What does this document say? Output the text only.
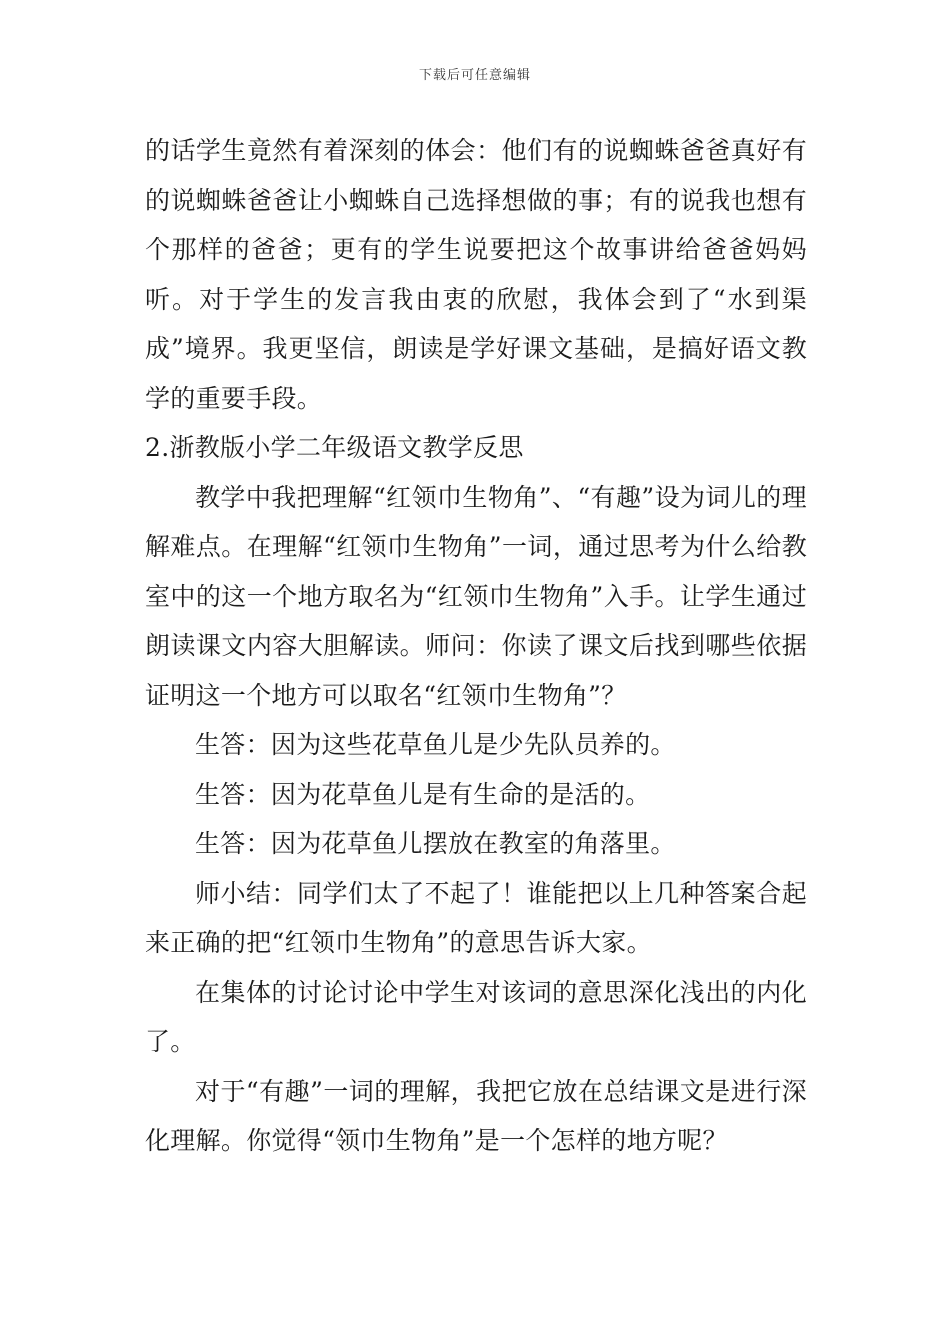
下载后可任意编辑

的话学生竟然有着深刻的体会：他们有的说蜘蛛爸爸真好有的说蜘蛛爸爸让小蜘蛛自己选择想做的事；有的说我也想有个那样的爸爸；更有的学生说要把这个故事讲给爸爸妈妈听。对于学生的发言我由衷的欣慰，我体会到了“水到渠成”境界。我更坚信，朗读是学好课文基础，是搞好语文教学的重要手段。

2.浙教版小学二年级语文教学反思

教学中我把理解“红领巾生物角”、“有趣”设为词儿的理解难点。在理解“红领巾生物角”一词，通过思考为什么给教室中的这一个地方取名为“红领巾生物角”入手。让学生通过朗读课文内容大胆解读。师问：你读了课文后找到哪些依据证明这一个地方可以取名“红领巾生物角”？

生答：因为这些花草鱼儿是少先队员养的。

生答：因为花草鱼儿是有生命的是活的。

生答：因为花草鱼儿摆放在教室的角落里。

师小结：同学们太了不起了！谁能把以上几种答案合起来正确的把“红领巾生物角”的意思告诉大家。

在集体的讨论讨论中学生对该词的意思深化浅出的内化了。

对于“有趣”一词的理解，我把它放在总结课文是进行深化理解。你觉得“领巾生物角”是一个怎样的地方呢？
